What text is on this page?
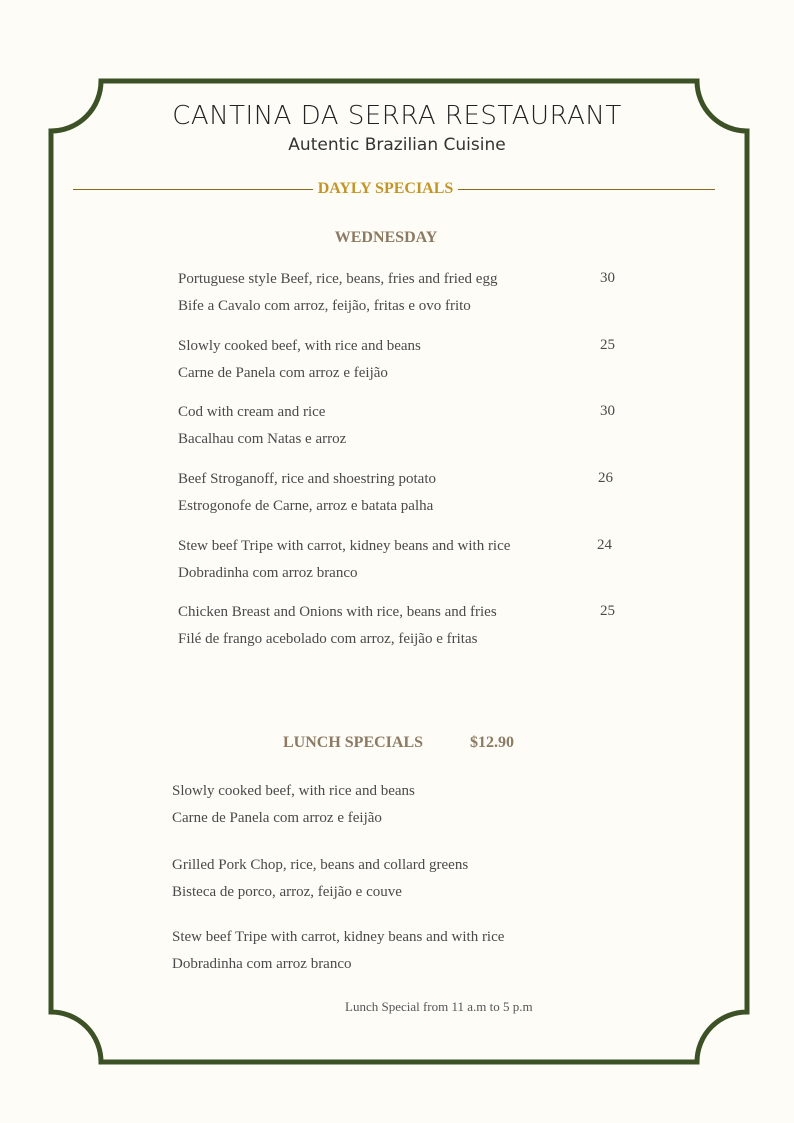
CANTINA DA SERRA RESTAURANT
Autentic Brazilian Cuisine
DAYLY SPECIALS
WEDNESDAY
Portuguese style Beef, rice, beans, fries and fried egg
Bife a Cavalo com arroz, feijão, fritas e ovo frito
30
Slowly cooked beef, with rice and beans
Carne de Panela com arroz e feijão
25
Cod with cream and rice
Bacalhau com Natas e arroz
30
Beef Stroganoff, rice and shoestring potato
Estrogonofe de Carne, arroz e batata palha
26
Stew beef Tripe with carrot, kidney beans and with rice
Dobradinha com arroz branco
24
Chicken Breast and Onions with rice, beans and fries
Filé de frango acebolado com arroz, feijão e fritas
25
LUNCH SPECIALS	$12.90
Slowly cooked beef, with rice and beans
Carne de Panela com arroz e feijão
Grilled Pork Chop, rice, beans and collard greens
Bisteca de porco, arroz, feijão e couve
Stew beef Tripe with carrot, kidney beans and with rice
Dobradinha com arroz branco
Lunch Special from 11 a.m to 5 p.m
